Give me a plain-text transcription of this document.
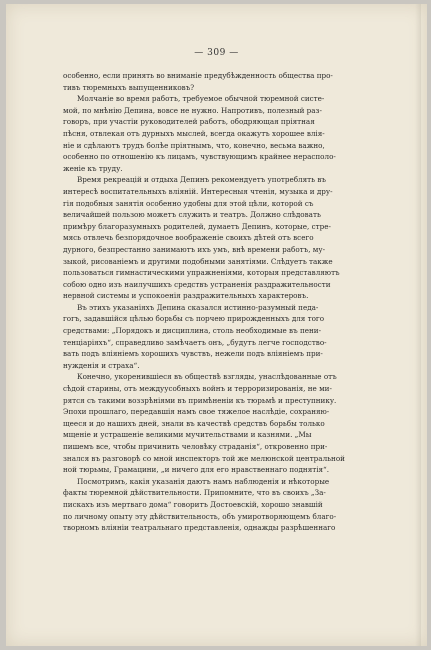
— 309 —
особенно, если принять во вниманіе предубѣжденность общества про-
тивъ тюремныхъ выпущенниковъ?
Молчаніе во время работъ, требуемое обычной тюремной систе-
мой, по мнѣнію Депина, вовсе не нужно. Напротивъ, полезный раз-
говоръ, при участіи руководителей работъ, ободряющая пріятная
пѣсня, отвлекая отъ дурныхъ мыслей, всегда окажутъ хорошее влія-
ніе и сдѣлаютъ трудъ болѣе пріятнымъ, что, конечно, весьма важно,
особенно по отношенію къ лицамъ, чувствующимъ крайнее нерасполо-
женіе къ труду.
Время рекреацій и отдыха Депинъ рекомендуетъ употреблять въ
интересѣ воспитательныхъ вліяній. Интересныя чтенія, музыка и дру-
гія подобныя занятія особенно удобны для этой цѣли, которой съ
величайшей пользою можетъ служить и театръ. Должно слѣдовать
примѣру благоразумныхъ родителей, думаетъ Депинъ, которые, стре-
мясь отвлечь безпорядочное воображеніе своихъ дѣтей отъ всего
дурного, безпрестанно занимаютъ ихъ умъ, внѣ времени работъ, му-
зыкой, рисованіемъ и другими подобными занятіями. Слѣдуетъ также
пользоваться гимнастическими упражненіями, которыя представляютъ
собою одно изъ наилучшихъ средствъ устраненія раздражительности
нервной системы и успокоенія раздражительныхъ характеровъ.
Въ этихъ указаніяхъ Депина сказался истинно-разумный педа-
гогъ, задавшійся цѣлью борьбы съ порчею прирожденныхъ для того
средствами: „Порядокъ и дисциплина, столь необходимые въ пени-
тенціаріяхъ“, справедливо замѣчаетъ онъ, „будутъ легче господство-
вать подъ вліяніемъ хорошихъ чувствъ, нежели подъ вліяніемъ при-
нужденія и страха“.
Конечно, укоренившіеся въ обществѣ взгляды, унаслѣдованные отъ
сѣдой старины, отъ междуусобныхъ войнъ и терроризированія, не ми-
рятся съ такими воззрѣніями въ примѣненіи къ тюрьмѣ и преступнику.
Эпохи прошлаго, передавшія намъ свое тяжелое наслѣдіе, сохраняю-
щееся и до нашихъ дней, знали въ качествѣ средствъ борьбы только
мщеніе и устрашеніе великими мучительствами и казнями. „Мы
пишемъ все, чтобы причинить человѣку страданія“, откровенно при-
знался въ разговорѣ со мной инспекторъ той же мелюнской центральной
ной тюрьмы, Грамацини, „и ничего для его нравственнаго поднятія“.
Посмотримъ, какія указанія даютъ намъ наблюденія и нѣкоторые
факты тюремной дѣйствительности. Припомните, что въ своихъ „За-
пискахъ изъ мертваго дома“ говоритъ Достоевскій, хорошо знавшій
по личному опыту эту дѣйствительность, объ умиротворяющемъ благо-
творномъ вліяніи театральнаго представленія, однажды разрѣшеннаго
